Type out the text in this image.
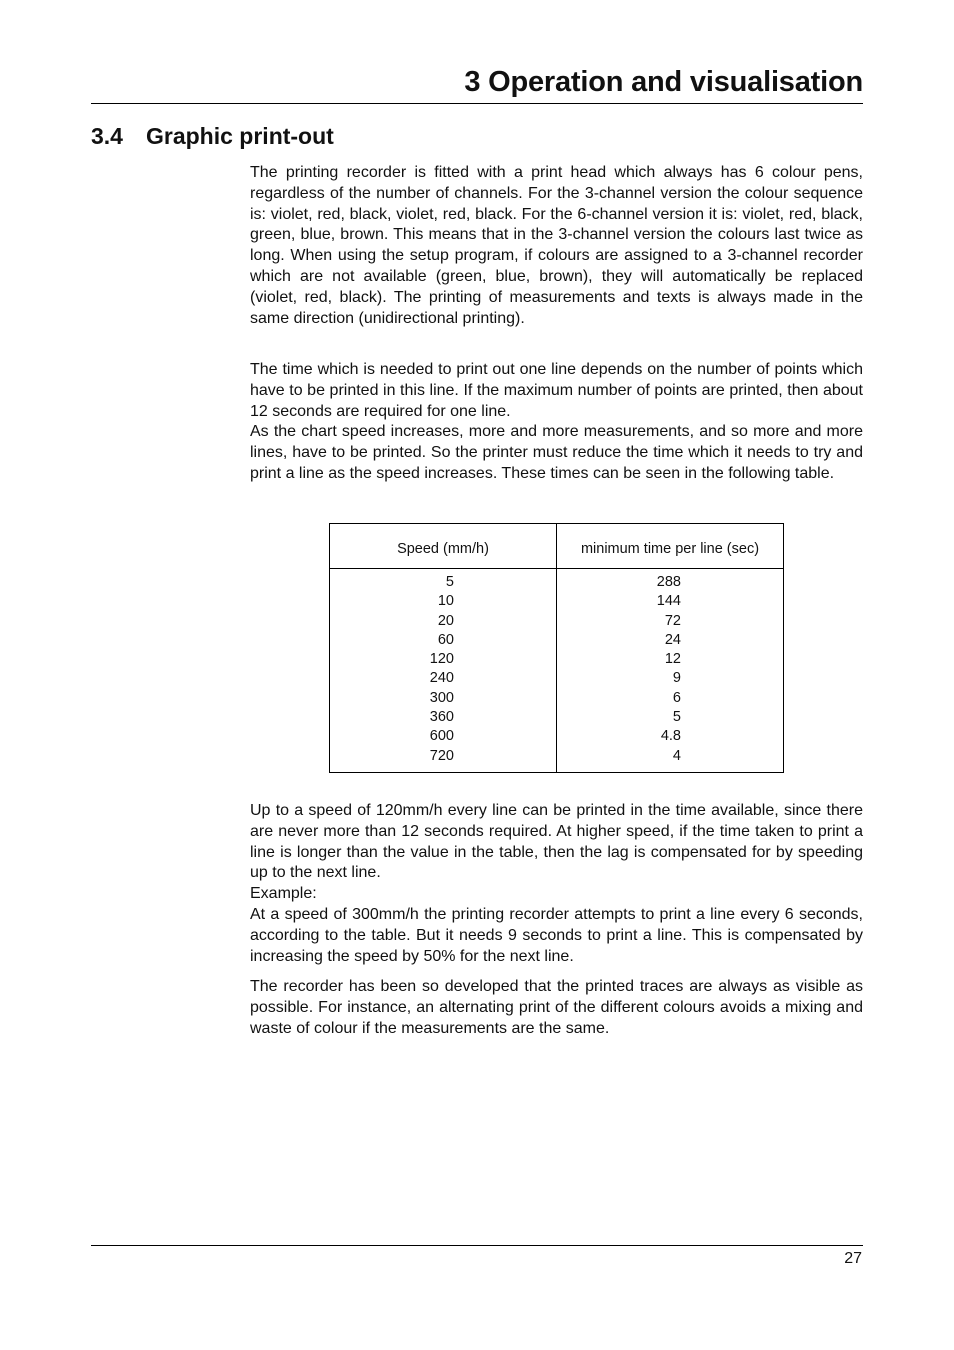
3 Operation and visualisation
3.4 Graphic print-out

The printing recorder is fitted with a print head which always has 6 colour pens, regardless of the number of channels. For the 3-channel version the colour sequence is: violet, red, black, violet, red, black. For the 6-channel version it is: violet, red, black, green, blue, brown. This means that in the 3-channel version the colours last twice as long. When using the setup program, if colours are assigned to a 3-channel recorder which are not available (green, blue, brown), they will automatically be replaced (violet, red, black). The printing of measurements and texts is always made in the same direction (unidirectional printing).

The time which is needed to print out one line depends on the number of points which have to be printed in this line. If the maximum number of points are printed, then about 12 seconds are required for one line.
As the chart speed increases, more and more measurements, and so more and more lines, have to be printed. So the printer must reduce the time which it needs to try and print a line as the speed increases. These times can be seen in the following table.

Speed (mm/h)	minimum time per line (sec)
5
10
20
60
120
240
300
360
600
720
288
144
72
24
12
9
6
5
4.8
4

Up to a speed of 120mm/h every line can be printed in the time available, since there are never more than 12 seconds required. At higher speed, if the time taken to print a line is longer than the value in the table, then the lag is compensated for by speeding up to the next line.
Example:
At a speed of 300mm/h the printing recorder attempts to print a line every 6 seconds, according to the table. But it needs 9 seconds to print a line. This is compensated by increasing the speed by 50% for the next line.

The recorder has been so developed that the printed traces are always as visible as possible. For instance, an alternating print of the different colours avoids a mixing and waste of colour if the measurements are the same.

27
